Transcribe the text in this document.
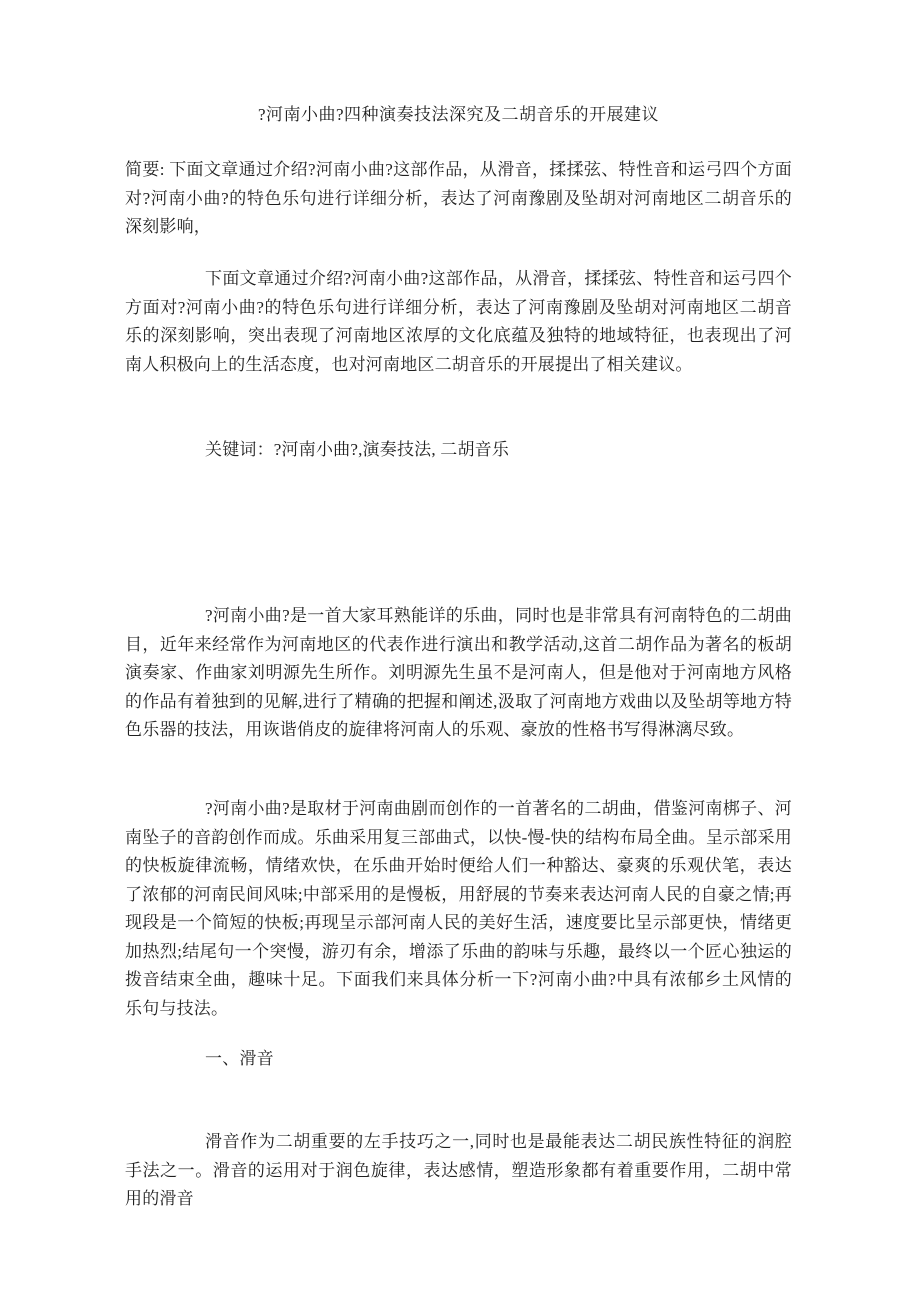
?河南小曲?四种演奏技法深究及二胡音乐的开展建议

简要: 下面文章通过介绍?河南小曲?这部作品，从滑音，揉揉弦、特性音和运弓四个方面对?河南小曲?的特色乐句进行详细分析，表达了河南豫剧及坠胡对河南地区二胡音乐的深刻影响，

下面文章通过介绍?河南小曲?这部作品，从滑音，揉揉弦、特性音和运弓四个方面对?河南小曲?的特色乐句进行详细分析，表达了河南豫剧及坠胡对河南地区二胡音乐的深刻影响，突出表现了河南地区浓厚的文化底蕴及独特的地域特征，也表现出了河南人积极向上的生活态度，也对河南地区二胡音乐的开展提出了相关建议。

关键词：?河南小曲?,演奏技法, 二胡音乐

?河南小曲?是一首大家耳熟能详的乐曲，同时也是非常具有河南特色的二胡曲目，近年来经常作为河南地区的代表作进行演出和教学活动,这首二胡作品为著名的板胡演奏家、作曲家刘明源先生所作。刘明源先生虽不是河南人，但是他对于河南地方风格的作品有着独到的见解,进行了精确的把握和阐述,汲取了河南地方戏曲以及坠胡等地方特色乐器的技法，用诙谐俏皮的旋律将河南人的乐观、豪放的性格书写得淋漓尽致。

?河南小曲?是取材于河南曲剧而创作的一首著名的二胡曲，借鉴河南梆子、河南坠子的音韵创作而成。乐曲采用复三部曲式，以快-慢-快的结构布局全曲。呈示部采用的快板旋律流畅，情绪欢快，在乐曲开始时便给人们一种豁达、豪爽的乐观伏笔，表达了浓郁的河南民间风味;中部采用的是慢板，用舒展的节奏来表达河南人民的自豪之情;再现段是一个简短的快板;再现呈示部河南人民的美好生活，速度要比呈示部更快，情绪更加热烈;结尾句一个突慢，游刃有余，增添了乐曲的韵味与乐趣，最终以一个匠心独运的拨音结束全曲，趣味十足。下面我们来具体分析一下?河南小曲?中具有浓郁乡土风情的乐句与技法。

一、滑音

滑音作为二胡重要的左手技巧之一,同时也是最能表达二胡民族性特征的润腔手法之一。滑音的运用对于润色旋律，表达感情，塑造形象都有着重要作用，二胡中常用的滑音
